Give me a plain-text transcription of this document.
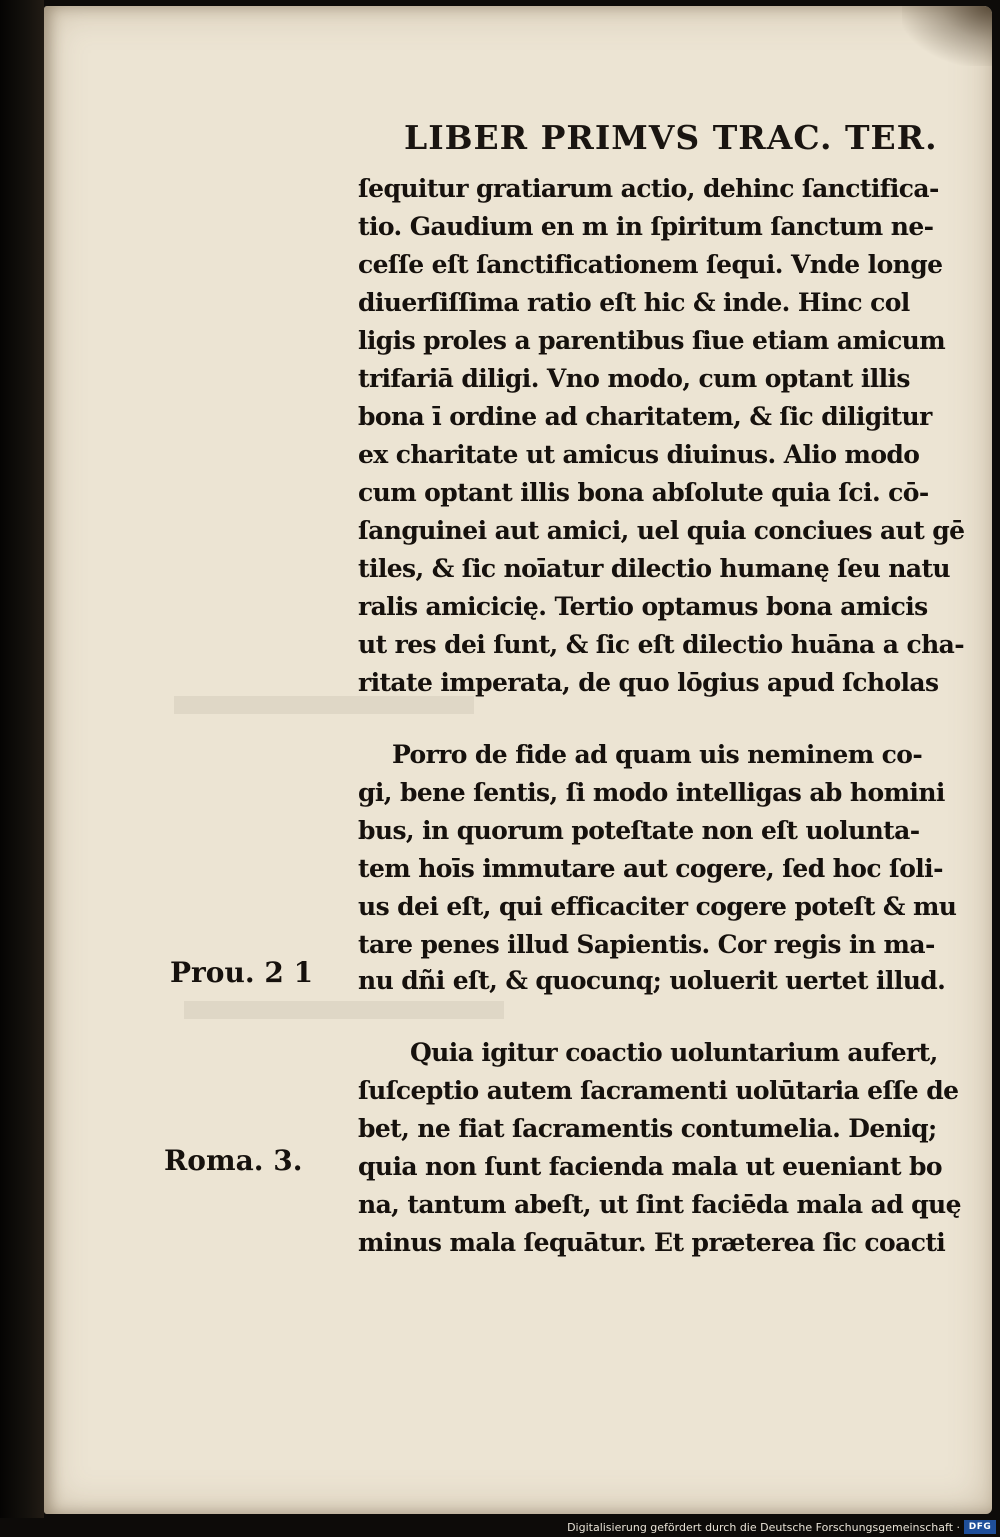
LIBER PRIMVS TRAC. TER.
ſequitur gratiarum actio, dehinc ſanctifica-
tio. Gaudium en m in ſpiritum ſanctum ne-
ceſſe eſt ſanctificationem ſequi. Vnde longe
diuerſiſſima ratio eſt hic & inde. Hinc col
ligis proles a parentibus ſiue etiam amicum
trifariā diligi. Vno modo, cum optant illis
bona ī ordine ad charitatem, & ſic diligitur
ex charitate ut amicus diuinus. Alio modo
cum optant illis bona abſolute quia ſci. cō-
ſanguinei aut amici, uel quia conciues aut gē
tiles, & ſic noīatur dilectio humanę ſeu natu
ralis amicicię. Tertio optamus bona amicis
ut res dei ſunt, & ſic eſt dilectio huāna a cha-
ritate imperata, de quo lōgius apud ſcholas
Porro de fide ad quam uis neminem co-
gi, bene ſentis, ſi modo intelligas ab homini
bus, in quorum poteſtate non eſt uolunta-
tem hoīs immutare aut cogere, ſed hoc ſoli-
us dei eſt, qui efficaciter cogere poteſt & mu
tare penes illud Sapientis. Cor regis in ma-
nu dñi eſt, & quocunq; uoluerit uertet illud.
Quia igitur coactio uoluntarium aufert,
ſuſceptio autem ſacramenti uolūtaria eſſe de
bet, ne fiat ſacramentis contumelia. Deniq;
quia non ſunt facienda mala ut eueniant bo
na, tantum abeſt, ut ſint faciēda mala ad quę
minus mala ſequātur. Et prӕterea ſic coacti
Prou. 2 1
Roma. 3.
Digitalisierung gefördert durch die Deutsche Forschungsgemeinschaft · DFG
